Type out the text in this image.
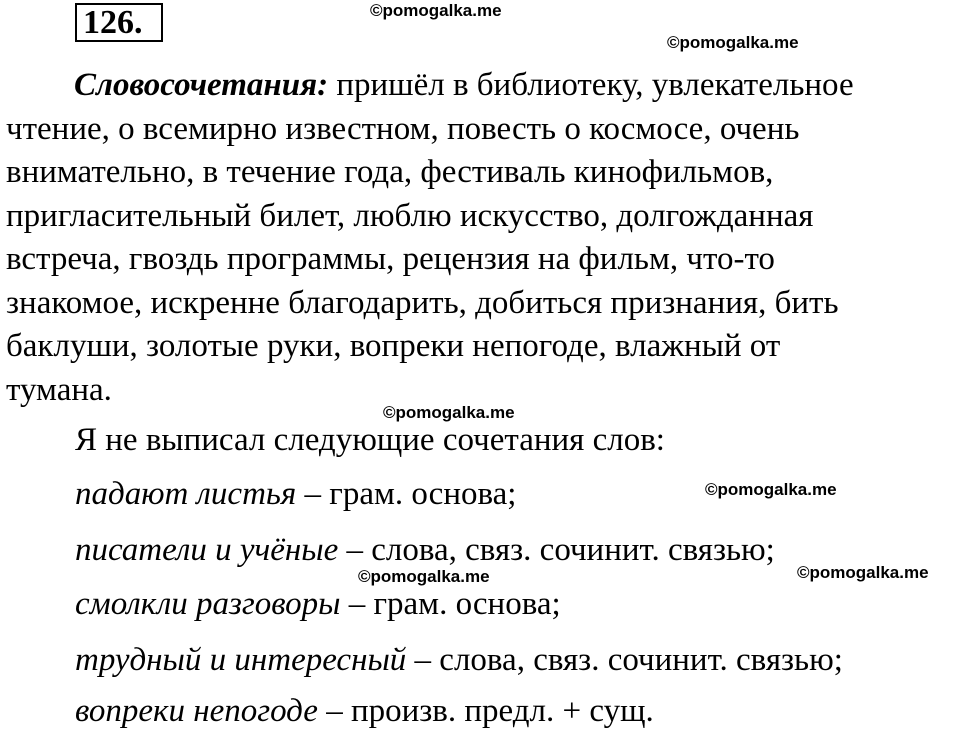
126.	©pomogalka.me
©pomogalka.me
©pomogalka.me
©pomogalka.me
©pomogalka.me	©pomogalka.me
Словосочетания: пришёл в библиотеку, увлекательное
чтение, о всемирно известном, повесть о космосе, очень
внимательно, в течение года, фестиваль кинофильмов,
пригласительный билет, люблю искусство, долгожданная
встреча, гвоздь программы, рецензия на фильм, что-то
знакомое, искренне благодарить, добиться признания, бить
баклуши, золотые руки, вопреки непогоде, влажный от
тумана.
Я не выписал следующие сочетания слов:
падают листья – грам. основа;
писатели и учёные – слова, связ. сочинит. связью;
смолкли разговоры – грам. основа;
трудный и интересный – слова, связ. сочинит. связью;
вопреки непогоде – произв. предл. + сущ.
